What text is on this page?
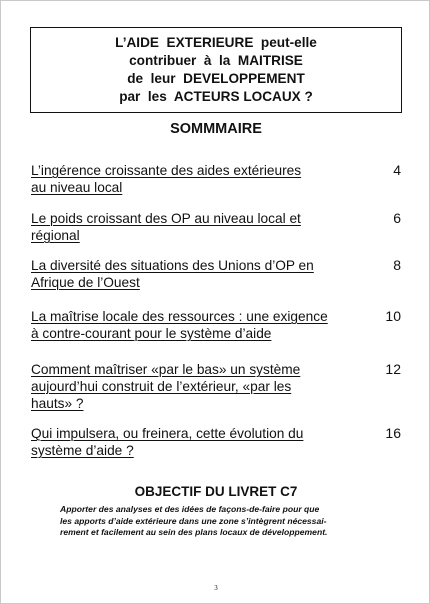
L’AIDE  EXTERIEURE  peut-elle
contribuer  à  la  MAITRISE
de  leur  DEVELOPPEMENT
par  les  ACTEURS LOCAUX ?
SOMMMAIRE
L’ingérence croissante des aides extérieures
au niveau local
4
Le poids croissant des OP au niveau local et
régional
6
La diversité des situations des Unions d’OP en
Afrique de l’Ouest
8
La maîtrise locale des ressources : une exigence
à contre-courant pour le système d’aide
10
Comment maîtriser «par le bas» un système
aujourd’hui construit de l’extérieur, «par les
hauts» ?
12
Qui impulsera, ou freinera, cette évolution du
système d’aide ?
16
OBJECTIF DU LIVRET C7
Apporter des analyses et des idées de façons-de-faire pour que
les apports d’aide extérieure dans une zone s’intègrent nécessai-
rement et facilement au sein des plans locaux de développement.
3
